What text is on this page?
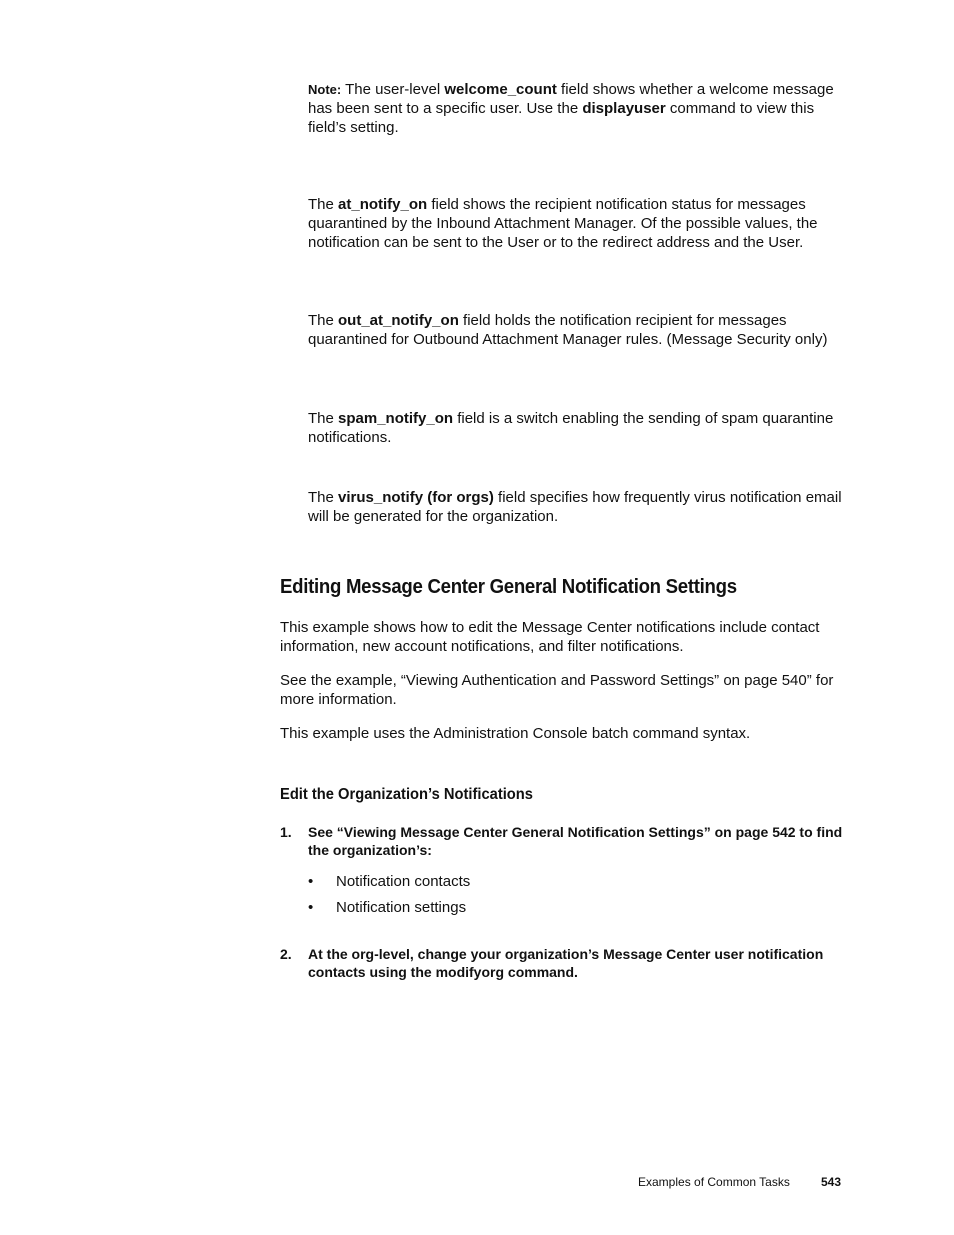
Note: The user-level welcome_count field shows whether a welcome message has been sent to a specific user. Use the displayuser command to view this field’s setting.
The at_notify_on field shows the recipient notification status for messages quarantined by the Inbound Attachment Manager. Of the possible values, the notification can be sent to the User or to the redirect address and the User.
The out_at_notify_on field holds the notification recipient for messages quarantined for Outbound Attachment Manager rules. (Message Security only)
The spam_notify_on field is a switch enabling the sending of spam quarantine notifications.
The virus_notify (for orgs) field specifies how frequently virus notification email will be generated for the organization.
Editing Message Center General Notification Settings
This example shows how to edit the Message Center notifications include contact information, new account notifications, and filter notifications.
See the example, “Viewing Authentication and Password Settings” on page 540” for more information.
This example uses the Administration Console batch command syntax.
Edit the Organization’s Notifications
1. See “Viewing Message Center General Notification Settings” on page 542 to find the organization’s:
• Notification contacts
• Notification settings
2. At the org-level, change your organization’s Message Center user notification contacts using the modifyorg command.
Examples of Common Tasks	543
